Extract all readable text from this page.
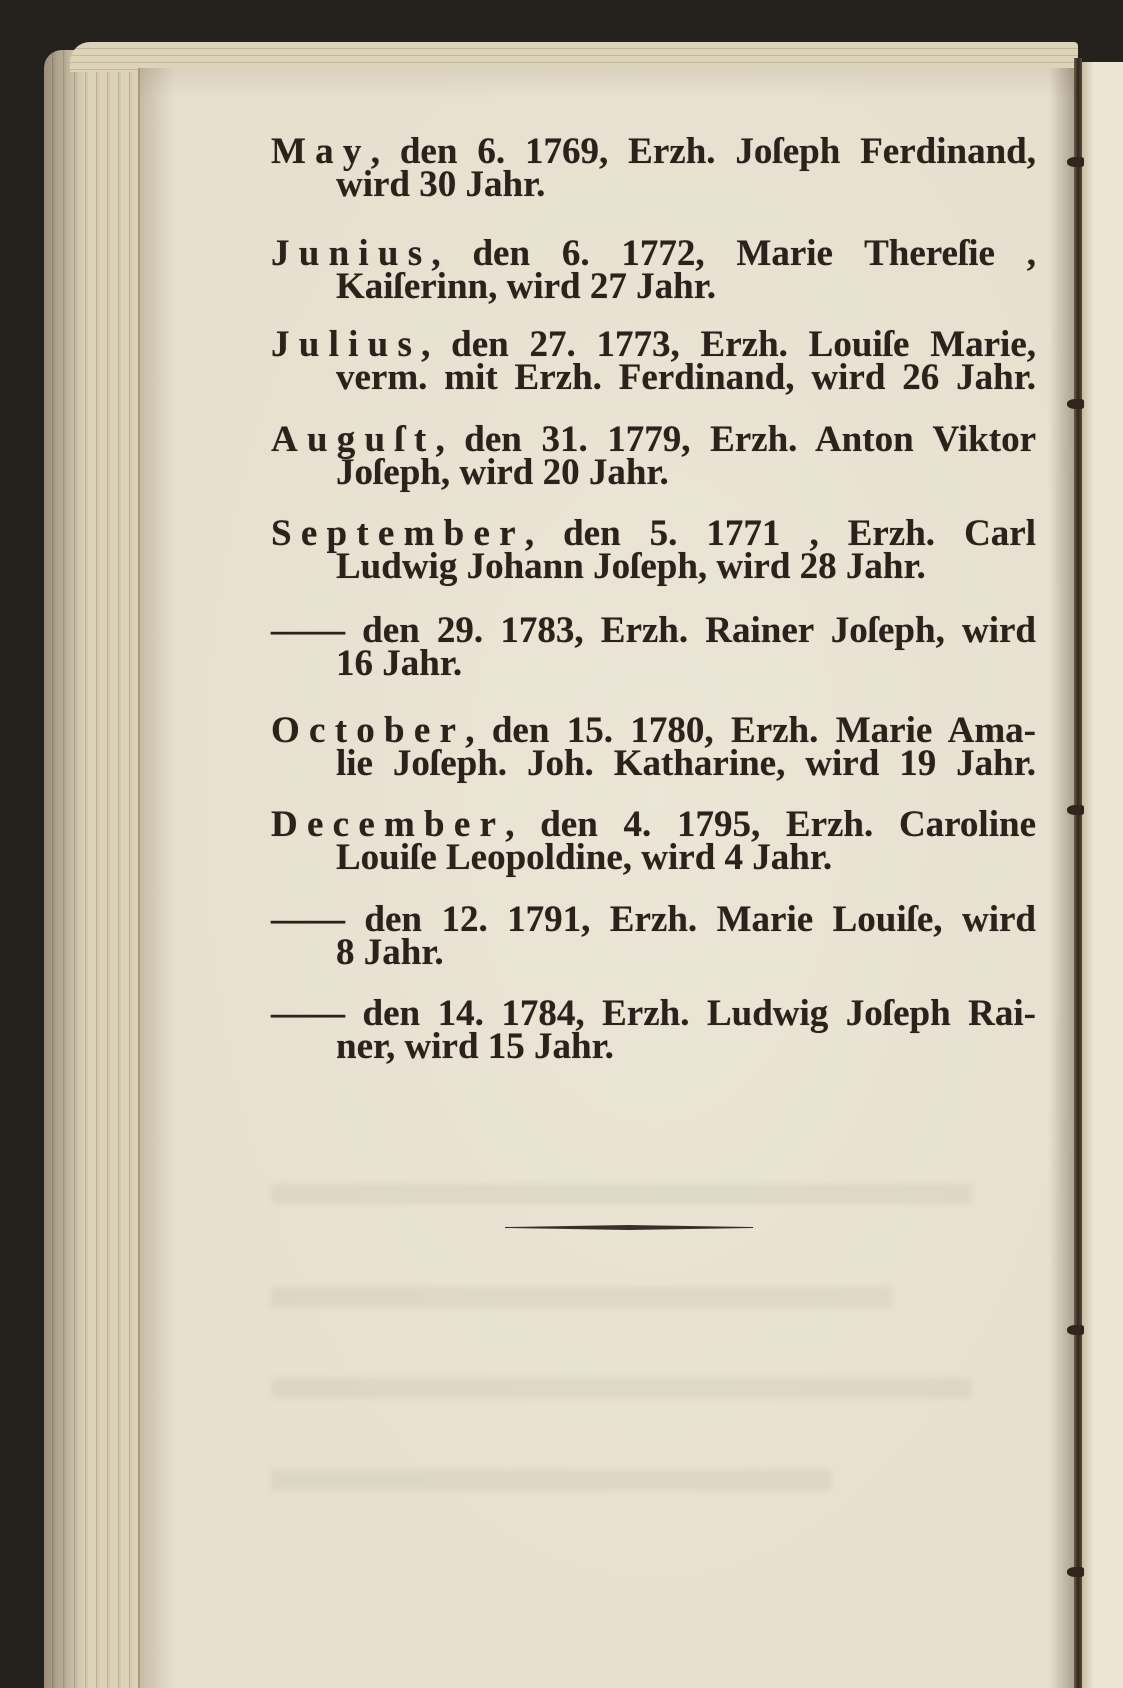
May, den 6. 1769, Erzh. Joſeph Ferdinand,
wird 30 Jahr.
Junius, den 6. 1772, Marie Thereſie ,
Kaiſerinn, wird 27 Jahr.
Julius, den 27. 1773, Erzh. Louiſe Marie,
verm. mit Erzh. Ferdinand, wird 26 Jahr.
Auguſt, den 31. 1779, Erzh. Anton Viktor
Joſeph, wird 20 Jahr.
September, den 5. 1771 , Erzh. Carl
Ludwig Johann Joſeph, wird 28 Jahr.
—— den 29. 1783, Erzh. Rainer Joſeph, wird
16 Jahr.
October, den 15. 1780, Erzh. Marie Ama-
lie Joſeph. Joh. Katharine, wird 19 Jahr.
December, den 4. 1795, Erzh. Caroline
Louiſe Leopoldine, wird 4 Jahr.
—— den 12. 1791, Erzh. Marie Louiſe, wird
8 Jahr.
—— den 14. 1784, Erzh. Ludwig Joſeph Rai-
ner, wird 15 Jahr.
